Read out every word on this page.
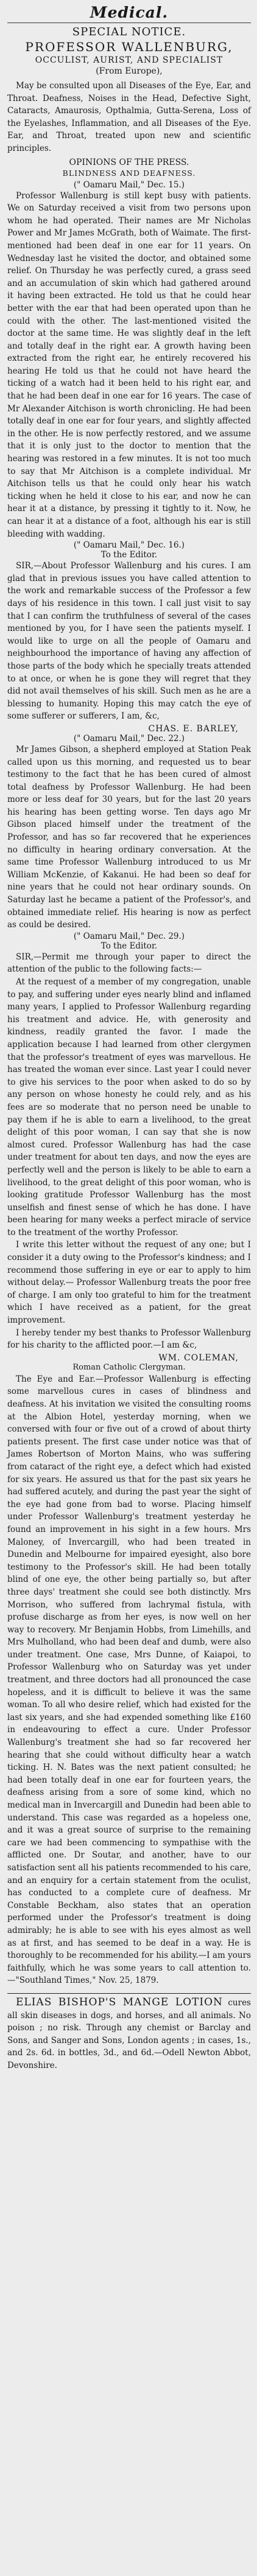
Medical.
SPECIAL NOTICE.
PROFESSOR WALLENBURG,
OCCULIST, AURIST, AND SPECIALIST
(From Europe),

May be consulted upon all Diseases of the Eye, Ear, and Throat. Deafness, Noises in the Head, Defective Sight, Cataracts, Amaurosis, Opthalmia, Gutta-Serena, Loss of the Eyelashes, Inflammation, and all Diseases of the Eye. Ear, and Throat, treated upon new and scientific principles.

OPINIONS OF THE PRESS.
BLINDNESS AND DEAFNESS.
(" Oamaru Mail," Dec. 15.)

Professor Wallenburg is still kept busy with patients. We on Saturday received a visit from two persons upon whom he had operated. Their names are Mr Nicholas Power and Mr James McGrath, both of Waimate. The first-mentioned had been deaf in one ear for 11 years. On Wednesday last he visited the doctor, and obtained some relief. On Thursday he was perfectly cured, a grass seed and an accumulation of skin which had gathered around it having been extracted. He told us that he could hear better with the ear that had been operated upon than he could with the other. The last-mentioned visited the doctor at the same time. He was slightly deaf in the left and totally deaf in the right ear. A growth having been extracted from the right ear, he entirely recovered his hearing He told us that he could not have heard the ticking of a watch had it been held to his right ear, and that he had been deaf in one ear for 16 years. The case of Mr Alexander Aitchison is worth chronicling. He had been totally deaf in one ear for four years, and slightly affected in the other. He is now perfectly restored, and we assume that it is only just to the doctor to mention that the hearing was restored in a few minutes. It is not too much to say that Mr Aitchison is a complete individual. Mr Aitchison tells us that he could only hear his watch ticking when he held it close to his ear, and now he can hear it at a distance, by pressing it tightly to it. Now, he can hear it at a distance of a foot, although his ear is still bleeding with wadding.

(" Oamaru Mail," Dec. 16.)
To the Editor.

SIR,—About Professor Wallenburg and his cures. I am glad that in previous issues you have called attention to the work and remarkable success of the Professor a few days of his residence in this town. I call just visit to say that I can confirm the truthfulness of several of the cases mentioned by you, for I have seen the patients myself. I would like to urge on all the people of Oamaru and neighbourhood the importance of having any affection of those parts of the body which he specially treats attended to at once, or when he is gone they will regret that they did not avail themselves of his skill. Such men as he are a blessing to humanity. Hoping this may catch the eye of some sufferer or sufferers, I am, &c,

CHAS. E. BARLEY,
(" Oamaru Mail," Dec. 22.)

Mr James Gibson, a shepherd employed at Station Peak called upon us this morning, and requested us to bear testimony to the fact that he has been cured of almost total deafness by Professor Wallenburg. He had been more or less deaf for 30 years, but for the last 20 years his hearing has been getting worse. Ten days ago Mr Gibson placed himself under the treatment of the Professor, and has so far recovered that he experiences no difficulty in hearing ordinary conversation. At the same time Professor Wallenburg introduced to us Mr William McKenzie, of Kakanui. He had been so deaf for nine years that he could not hear ordinary sounds. On Saturday last he became a patient of the Professor's, and obtained immediate relief. His hearing is now as perfect as could be desired.

(" Oamaru Mail," Dec. 29.)
To the Editor.

SIR,—Permit me through your paper to direct the attention of the public to the following facts:—

At the request of a member of my congregation, unable to pay, and suffering under eyes nearly blind and inflamed many years, I applied to Professor Wallenburg regarding his treatment and advice. He, with generosity and kindness, readily granted the favor. I made the application because I had learned from other clergymen that the professor's treatment of eyes was marvellous. He has treated the woman ever since. Last year I could never to give his services to the poor when asked to do so by any person on whose honesty he could rely, and as his fees are so moderate that no person need be unable to pay them if he is able to earn a livelihood, to the great delight of this poor woman, I can say that she is now almost cured. Professor Wallenburg has had the case under treatment for about ten days, and now the eyes are perfectly well and the person is likely to be able to earn a livelihood, to the great delight of this poor woman, who is looking gratitude Professor Wallenburg has the most unselfish and finest sense of which he has done. I have been hearing for many weeks a perfect miracle of service to the treatment of the worthy Professor.

I write this letter without the request of any one; but I consider it a duty owing to the Professor's kindness; and I recommend those suffering in eye or ear to apply to him without delay.— Professor Wallenburg treats the poor free of charge. I am only too grateful to him for the treatment which I have received as a patient, for the great improvement.

I hereby tender my best thanks to Professor Wallenburg for his charity to the afflicted poor.—I am &c,

WM. COLEMAN,
Roman Catholic Clergyman.

The Eye and Ear.—Professor Wallenburg is effecting some marvellous cures in cases of blindness and deafness. At his invitation we visited the consulting rooms at the Albion Hotel, yesterday morning, when we conversed with four or five out of a crowd of about thirty patients present. The first case under notice was that of James Robertson of Morton Mains, who was suffering from cataract of the right eye, a defect which had existed for six years. He assured us that for the past six years he had suffered acutely, and during the past year the sight of the eye had gone from bad to worse. Placing himself under Professor Wallenburg's treatment yesterday he found an improvement in his sight in a few hours. Mrs Maloney, of Invercargill, who had been treated in Dunedin and Melbourne for impaired eyesight, also bore testimony to the Professor's skill. He had been totally blind of one eye, the other being partially so, but after three days' treatment she could see both distinctly. Mrs Morrison, who suffered from lachrymal fistula, with profuse discharge as from her eyes, is now well on her way to recovery. Mr Benjamin Hobbs, from Limehills, and Mrs Mulholland, who had been deaf and dumb, were also under treatment. One case, Mrs Dunne, of Kaiapoi, to Professor Wallenburg who on Saturday was yet under treatment, and three doctors had all pronounced the case hopeless, and it is difficult to believe it was the same woman. To all who desire relief, which had existed for the last six years, and she had expended something like £160 in endeavouring to effect a cure. Under Professor Wallenburg's treatment she had so far recovered her hearing that she could without difficulty hear a watch ticking. H. N. Bates was the next patient consulted; he had been totally deaf in one ear for fourteen years, the deafness arising from a sore of some kind, which no medical man in Invercargill and Dunedin had been able to understand. This case was regarded as a hopeless one, and it was a great source of surprise to the remaining care we had been commencing to sympathise with the afflicted one. Dr Soutar, and another, have to our satisfaction sent all his patients recommended to his care, and an enquiry for a certain statement from the oculist, has conducted to a complete cure of deafness. Mr Constable Beckham, also states that an operation performed under the Professor's treatment is doing admirably; he is able to see with his eyes almost as well as at first, and has seemed to be deaf in a way. He is thoroughly to be recommended for his ability.—I am yours faithfully, which he was some years to call attention to.—"Southland Times," Nov. 25, 1879.

ELIAS BISHOP'S MANGE LOTION cures all skin diseases in dogs, and horses, and all animals. No poison ; no risk. Through any chemist or Barclay and Sons, and Sanger and Sons, London agents ; in cases, 1s., and 2s. 6d. in bottles, 3d., and 6d.—Odell Newton Abbot, Devonshire.
